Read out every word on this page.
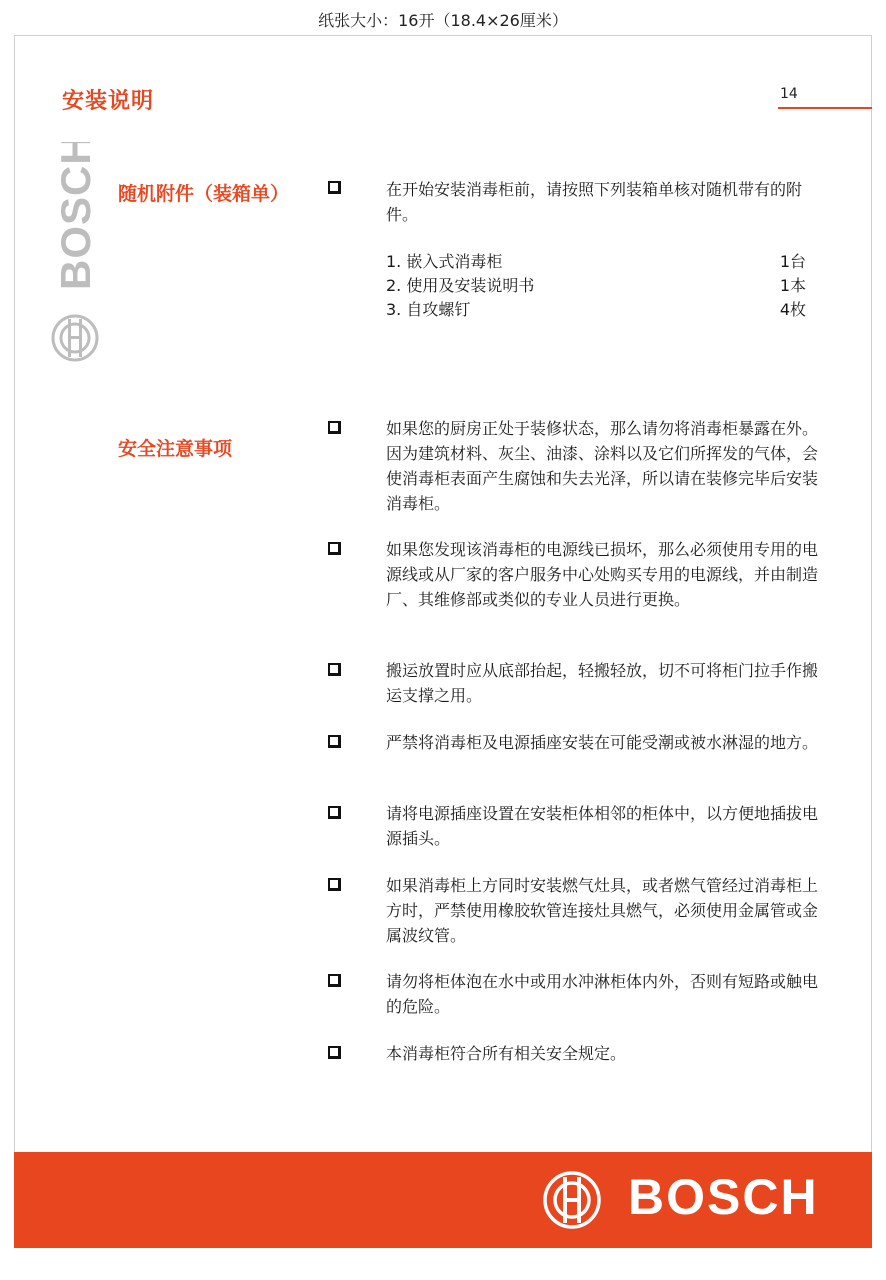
纸张大小：16开（18.4×26厘米）
安装说明	14
BOSCH 随机附件（装箱单）	在开始安装消毒柜前，请按照下列装箱单核对随机带有的附件。
1. 嵌入式消毒柜	1台
2. 使用及安装说明书	1本
3. 自攻螺钉	4枚
安全注意事项
如果您的厨房正处于装修状态，那么请勿将消毒柜暴露在外。因为建筑材料、灰尘、油漆、涂料以及它们所挥发的气体，会使消毒柜表面产生腐蚀和失去光泽，所以请在装修完毕后安装消毒柜。
如果您发现该消毒柜的电源线已损坏，那么必须使用专用的电源线或从厂家的客户服务中心处购买专用的电源线，并由制造厂、其维修部或类似的专业人员进行更换。
搬运放置时应从底部抬起，轻搬轻放，切不可将柜门拉手作搬运支撑之用。
严禁将消毒柜及电源插座安装在可能受潮或被水淋湿的地方。
请将电源插座设置在安装柜体相邻的柜体中，以方便地插拔电源插头。
如果消毒柜上方同时安装燃气灶具，或者燃气管经过消毒柜上方时，严禁使用橡胶软管连接灶具燃气，必须使用金属管或金属波纹管。
请勿将柜体泡在水中或用水冲淋柜体内外，否则有短路或触电的危险。
本消毒柜符合所有相关安全规定。
BOSCH
